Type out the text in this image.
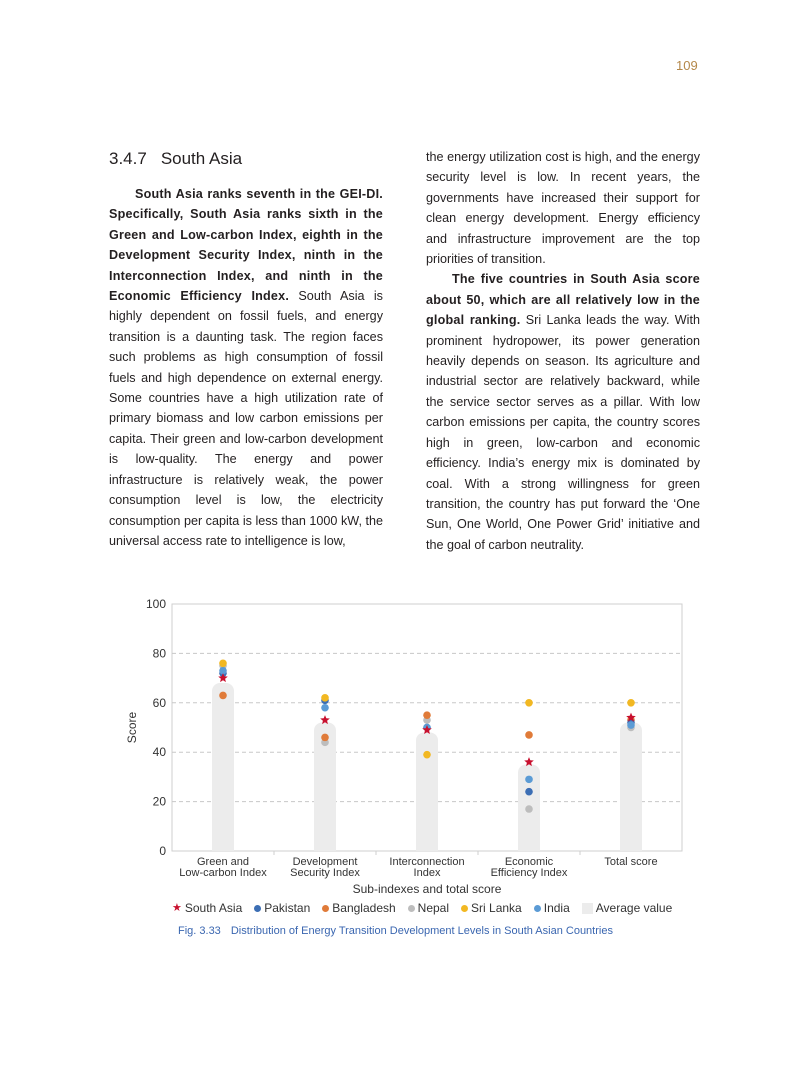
109
3.4.7 South Asia

South Asia ranks seventh in the GEI-DI. Specifically, South Asia ranks sixth in the Green and Low-carbon Index, eighth in the Development Security Index, ninth in the Interconnection Index, and ninth in the Economic Efficiency Index. South Asia is highly dependent on fossil fuels, and energy transition is a daunting task. The region faces such problems as high consumption of fossil fuels and high dependence on external energy. Some countries have a high utilization rate of primary biomass and low carbon emissions per capita. Their green and low-carbon development is low-quality. The energy and power infrastructure is relatively weak, the power consumption level is low, the electricity consumption per capita is less than 1000 kW, the universal access rate to intelligence is low,

the energy utilization cost is high, and the energy security level is low. In recent years, the governments have increased their support for clean energy development. Energy efficiency and infrastructure improvement are the top priorities of transition.

The five countries in South Asia score about 50, which are all relatively low in the global ranking. Sri Lanka leads the way. With prominent hydropower, its power generation heavily depends on season. Its agriculture and industrial sector are relatively backward, while the service sector serves as a pillar. With low carbon emissions per capita, the country scores high in green, low-carbon and economic efficiency. India’s energy mix is dominated by coal. With a strong willingness for green transition, the country has put forward the ‘One Sun, One World, One Power Grid’ initiative and the goal of carbon neutrality.

0
20
40
60
80
100
Green and
Low-carbon Index
Development
Security Index
Interconnection
Index
Economic
Efficiency Index
Total score
Sub-indexes and total score
Score
★ South Asia Pakistan Bangladesh Nepal Sri Lanka India Average value
Fig. 3.33 Distribution of Energy Transition Development Levels in South Asian Countries
